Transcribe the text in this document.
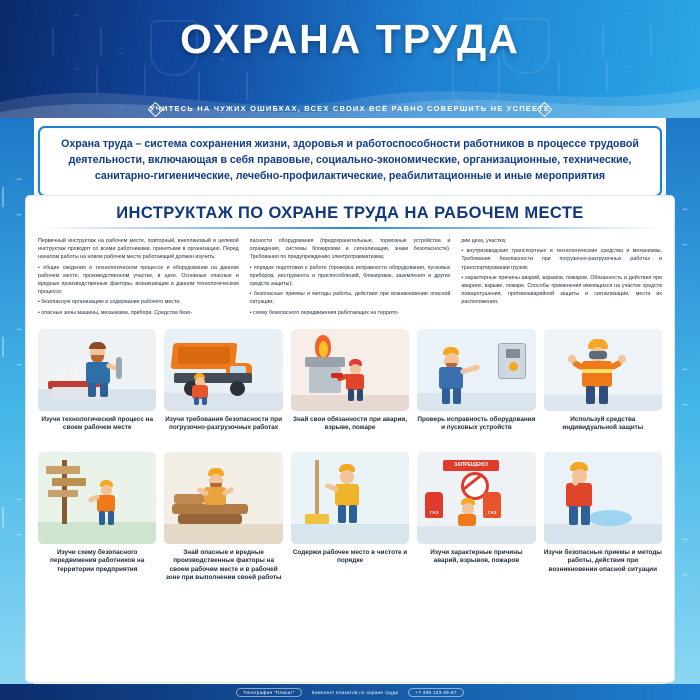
ОХРАНА ТРУДА
УЧИТЕСЬ НА ЧУЖИХ ОШИБКАХ, ВСЕХ СВОИХ ВСЁ РАВНО СОВЕРШИТЬ НЕ УСПЕЕТЕ
Охрана труда – система сохранения жизни, здоровья и работоспособности работников в процессе трудовой деятельности, включающая в себя правовые, социально-экономические, организационные, технические, санитарно-гигиенические, лечебно-профилактические, реабилитационные и иные мероприятия
ИНСТРУКТАЖ ПО ОХРАНЕ ТРУДА НА РАБОЧЕМ МЕСТЕ

Первичный инструктаж на рабочем месте, повторный, внеплановый и целевой инструктаж проводят со всеми работниками, принятыми в организацию. Перед началом работы на новом рабочем месте работающий должен изучить:

• общие сведения о технологическом процессе и оборудовании на данном рабочем месте, производственном участке, в цехе. Основные опасные и вредные производственные факторы, возникающие в данном технологическом процессе;

• безопасную организацию и содержание рабочего места;

• опасные зоны машины, механизма, прибора. Средства безо-

пасности оборудования (предохранительные, тормозные устройства и ограждения, системы блокировки и сигнализации, знаки безопасности). Требования по предупреждению электротравматизма;

• порядок подготовки к работе (проверка исправности оборудования, пусковых приборов, инструмента и приспособлений, блокировок, заземления и других средств защиты);

• безопасные приемы и методы работы, действия при возникновении опасной ситуации;

• схему безопасного передвижения работающих на террито-

рии цеха, участка;

• внутризаводские транспортные и технологические средства и механизмы. Требования безопасности при погрузочно-разгрузочных работах и транспортировании грузов;

• характерные причины аварий, взрывов, пожаров. Обязанность и действия при авариях, взрыве, пожаре. Способы применения имеющихся на участке средств пожаротушения, противоаварийной защиты и сигнализации, места их расположения.

Изучи технологический процесс на своем рабочем месте
Изучи требования безопасности при погрузочно-разгрузочных работах
Знай свои обязанности при аварии, взрыве, пожаре
Проверь исправность оборудования и пусковых устройств
Используй средства индивидуальной защиты
Изучи схему безопасного передвижения работников на территории предприятия
Знай опасные и вредные производственные факторы на своем рабочем месте и в рабочей зоне при выполнении своей работы
Содержи рабочее место в чистоте и порядке
ЗАПРЕЩЕНО!
ГАЗ	ГАЗ
Изучи характерные причины аварий, взрывов, пожаров
Изучи безопасные приемы и методы работы, действия при возникновении опасной ситуации
Типография "Плакат"	Комплект плакатов по охране труда	+7 495 123-45-67
